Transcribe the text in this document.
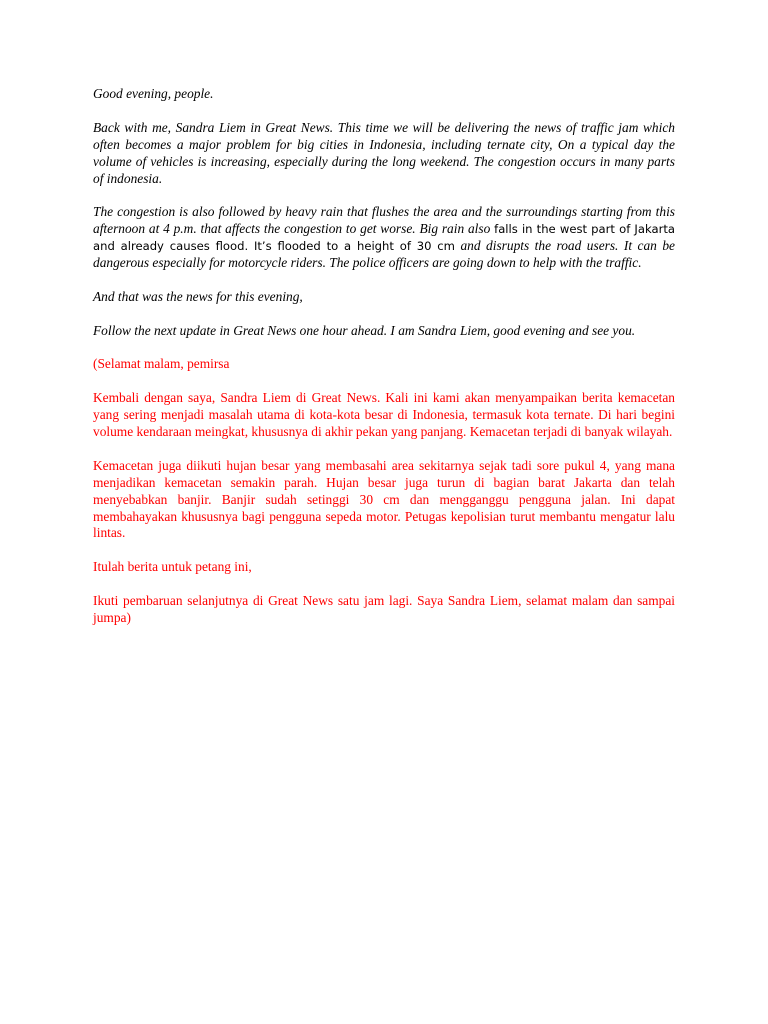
Good evening, people.

Back with me, Sandra Liem in Great News. This time we will be delivering the news of traffic jam which often becomes a major problem for big cities in Indonesia, including ternate city, On a typical day the volume of vehicles is increasing, especially during the long weekend. The congestion occurs in many parts of indonesia.

The congestion is also followed by heavy rain that flushes the area and the surroundings starting from this afternoon at 4 p.m. that affects the congestion to get worse. Big rain also falls in the west part of Jakarta and already causes flood. It’s flooded to a height of 30 cm and disrupts the road users. It can be dangerous especially for motorcycle riders. The police officers are going down to help with the traffic.

And that was the news for this evening,

Follow the next update in Great News one hour ahead. I am Sandra Liem, good evening and see you.

(Selamat malam, pemirsa

Kembali dengan saya, Sandra Liem di Great News. Kali ini kami akan menyampaikan berita kemacetan yang sering menjadi masalah utama di kota-kota besar di Indonesia, termasuk kota ternate. Di hari begini volume kendaraan meingkat, khususnya di akhir pekan yang panjang. Kemacetan terjadi di banyak wilayah.

Kemacetan juga diikuti hujan besar yang membasahi area sekitarnya sejak tadi sore pukul 4, yang mana menjadikan kemacetan semakin parah. Hujan besar juga turun di bagian barat Jakarta dan telah menyebabkan banjir. Banjir sudah setinggi 30 cm dan mengganggu pengguna jalan. Ini dapat membahayakan khususnya bagi pengguna sepeda motor. Petugas kepolisian turut membantu mengatur lalu lintas.

Itulah berita untuk petang ini,

Ikuti pembaruan selanjutnya di Great News satu jam lagi. Saya Sandra Liem, selamat malam dan sampai jumpa)
